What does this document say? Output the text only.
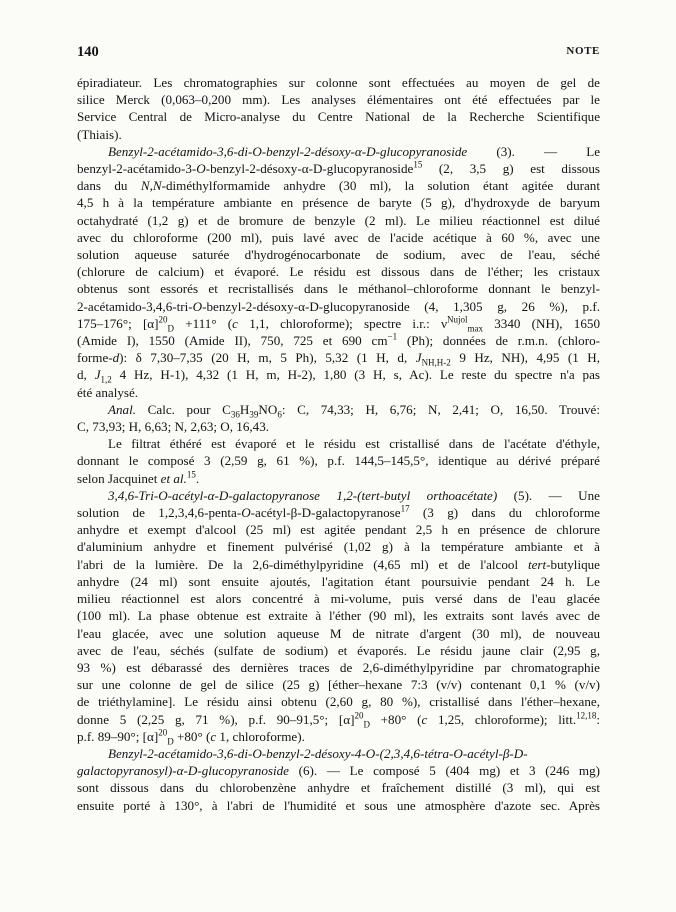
140	NOTE
épiradiateur. Les chromatographies sur colonne sont effectuées au moyen de gel de
silice Merck (0,063–0,200 mm). Les analyses élémentaires ont été effectuées par le
Service Central de Micro-analyse du Centre National de la Recherche Scientifique
(Thiais).
Benzyl-2-acétamido-3,6-di-O-benzyl-2-désoxy-α-D-glucopyranoside (3). — Le
benzyl-2-acétamido-3-O-benzyl-2-désoxy-α-D-glucopyranoside$^{15}$ (2, 3,5 g) est dissous
dans du N,N-diméthylformamide anhydre (30 ml), la solution étant agitée durant
4,5 h à la température ambiante en présence de baryte (5 g), d'hydroxyde de baryum
octahydraté (1,2 g) et de bromure de benzyle (2 ml). Le milieu réactionnel est dilué
avec du chloroforme (200 ml), puis lavé avec de l'acide acétique à 60 %, avec une
solution aqueuse saturée d'hydrogénocarbonate de sodium, avec de l'eau, séché
(chlorure de calcium) et évaporé. Le résidu est dissous dans de l'éther; les cristaux
obtenus sont essorés et recristallisés dans le méthanol–chloroforme donnant le benzyl-
2-acétamido-3,4,6-tri-O-benzyl-2-désoxy-α-D-glucopyranoside (4, 1,305 g, 26 %), p.f.
175–176°; $[\alpha]^{20}_D +111^\circ$ (c 1,1, chloroforme); spectre i.r.: $\nu^{Nujol}_{max}$ 3340 (NH), 1650
(Amide I), 1550 (Amide II), 750, 725 et 690 $cm^{-1}$ (Ph); données de r.m.n. (chloro-
forme-d): δ 7,30–7,35 (20 H, m, 5 Ph), 5,32 (1 H, d, $J_{NH,H-2}$ 9 Hz, NH), 4,95 (1 H,
d, $J_{1,2}$ 4 Hz, H-1), 4,32 (1 H, m, H-2), 1,80 (3 H, s, Ac). Le reste du spectre n'a pas
été analysé.
Anal. Calc. pour $C_{36}H_{39}NO_6$: C, 74,33; H, 6,76; N, 2,41; O, 16,50. Trouvé:
C, 73,93; H, 6,63; N, 2,63; O, 16,43.
Le filtrat éthéré est évaporé et le résidu est cristallisé dans de l'acétate d'éthyle,
donnant le composé 3 (2,59 g, 61 %), p.f. 144,5–145,5°, identique au dérivé préparé
selon Jacquinet et al.$^{15}$.
3,4,6-Tri-O-acétyl-α-D-galactopyranose 1,2-(tert-butyl orthoacétate) (5). — Une
solution de 1,2,3,4,6-penta-O-acétyl-β-D-galactopyranose$^{17}$ (3 g) dans du chloroforme
anhydre et exempt d'alcool (25 ml) est agitée pendant 2,5 h en présence de chlorure
d'aluminium anhydre et finement pulvérisé (1,02 g) à la température ambiante et à
l'abri de la lumière. De la 2,6-diméthylpyridine (4,65 ml) et de l'alcool tert-butylique
anhydre (24 ml) sont ensuite ajoutés, l'agitation étant poursuivie pendant 24 h. Le
milieu réactionnel est alors concentré à mi-volume, puis versé dans de l'eau glacée
(100 ml). La phase obtenue est extraite à l'éther (90 ml), les extraits sont lavés avec de
l'eau glacée, avec une solution aqueuse M de nitrate d'argent (30 ml), de nouveau
avec de l'eau, séchés (sulfate de sodium) et évaporés. Le résidu jaune clair (2,95 g,
93 %) est débarassé des dernières traces de 2,6-diméthylpyridine par chromatographie
sur une colonne de gel de silice (25 g) [éther–hexane 7:3 (v/v) contenant 0,1 % (v/v)
de triéthylamine]. Le résidu ainsi obtenu (2,60 g, 80 %), cristallisé dans l'éther–hexane,
donne 5 (2,25 g, 71 %), p.f. 90–91,5°; $[\alpha]^{20}_D +80^\circ$ (c 1,25, chloroforme); litt.$^{12,18}$:
p.f. 89–90°; $[\alpha]^{20}_D +80^\circ$ (c 1, chloroforme).
Benzyl-2-acétamido-3,6-di-O-benzyl-2-désoxy-4-O-(2,3,4,6-tétra-O-acétyl-β-D-
galactopyranosyl)-α-D-glucopyranoside (6). — Le composé 5 (404 mg) et 3 (246 mg)
sont dissous dans du chlorobenzène anhydre et fraîchement distillé (3 ml), qui est
ensuite porté à 130°, à l'abri de l'humidité et sous une atmosphère d'azote sec. Après
